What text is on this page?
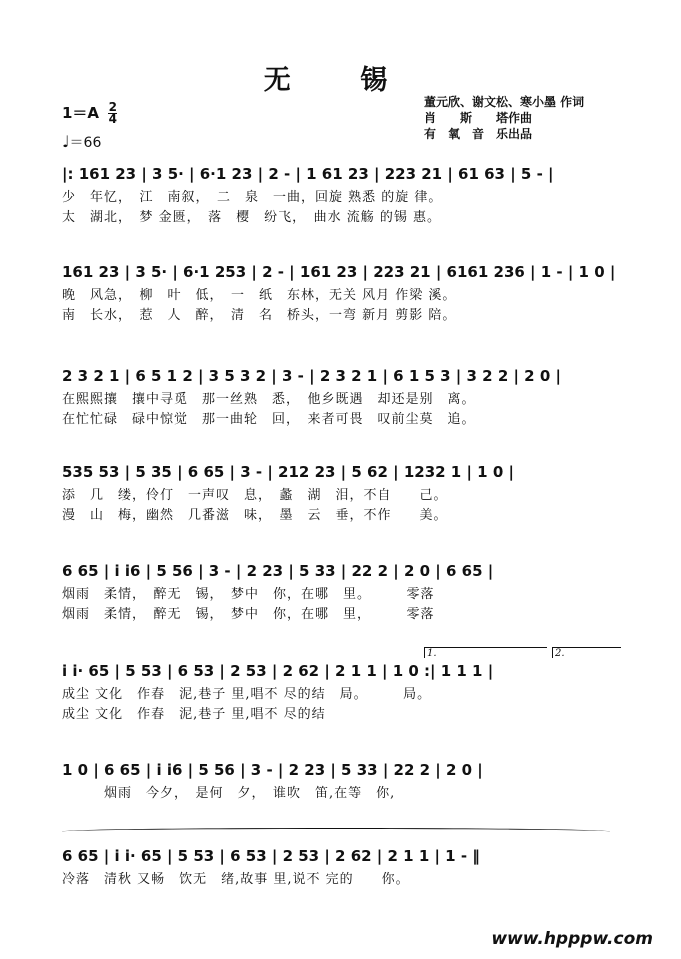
无 锡
董元欣、谢文松、寒小墨 作词
肖　　斯　　塔作曲
有　氧　音　乐出品
$1=A \frac{2}{4}$
♩＝66
|: 161 23 | 3 5· | 6·1 23 | 2 - | 1 61 23 | 223 21 | 61 63 | 5 - |
少　年忆，　江　南叙，　二　泉　一曲，回旋 熟悉 的旋 律。
太　湖北，　梦 金匮，　落　樱　纷飞，　曲水 流觞 的锡 惠。
161 23 | 3 5· | 6·1 253 | 2 - | 161 23 | 223 21 | 6161 236 | 1 - | 1 0 |
晚　风急，　柳　叶　低，　一　纸　东林，无关 风月 作梁 溪。
南　长水，　惹　人　醉，　清　名　桥头，一弯 新月 剪影 陪。
2 3 2 1 | 6 5 1 2 | 3 5 3 2 | 3 - | 2 3 2 1 | 6 1 5 3 | 3 2 2 | 2 0 |
在熙熙攘　攘中寻觅　那一丝熟　悉，　他乡既遇　却还是别　离。
在忙忙碌　碌中惊觉　那一曲轮　回，　来者可畏　叹前尘莫　追。
535 53 | 5 35 | 6 65 | 3 - | 212 23 | 5 62 | 1232 1 | 1 0 |
添　几　缕，伶仃　一声叹　息，　蠡　湖　泪，不自　　己。
漫　山　梅，幽然　几番滋　味，　墨　云　垂，不作　　美。
6 65 | i i6 | 5 56 | 3 - | 2 23 | 5 33 | 22 2 | 2 0 | 6 65 |
烟雨　柔情，　醉无　锡，　梦中　你，在哪　里。　　　零落
烟雨　柔情，　醉无　锡，　梦中　你，在哪　里，　　　零落
1.	2.
i i· 65 | 5 53 | 6 53 | 2 53 | 2 62 | 2 1 1 | 1 0 :| 1 1 1 |
成尘 文化　作春　泥,巷子 里,唱不 尽的结　局。　　　局。
成尘 文化　作春　泥,巷子 里,唱不 尽的结
1 0 | 6 65 | i i6 | 5 56 | 3 - | 2 23 | 5 33 | 22 2 | 2 0 |
　　　烟雨　今夕，　是何　夕，　谁吹　笛,在等　你,
6 65 | i i· 65 | 5 53 | 6 53 | 2 53 | 2 62 | 2 1 1 | 1 - ‖
冷落　清秋 又畅　饮无　绪,故事 里,说不 完的　　你。
www.hpppw.com
